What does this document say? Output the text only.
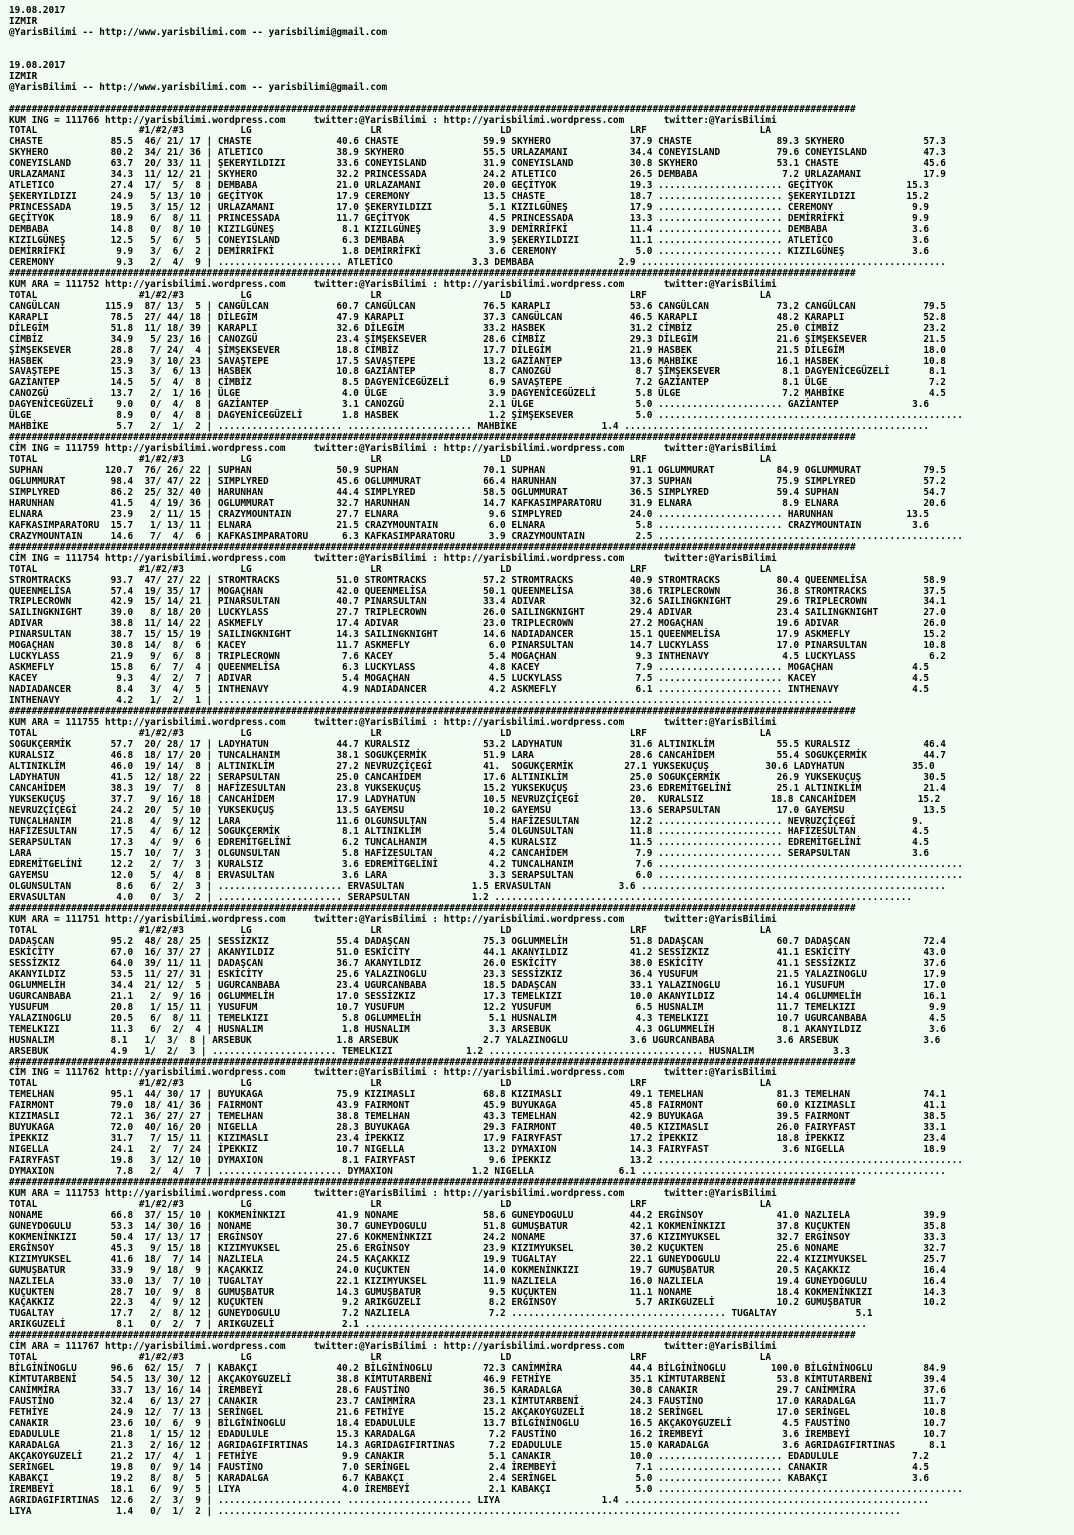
19.08.2017
IZMIR
@YarisBilimi -- http://www.yarisbilimi.com -- yarisbilimi@gmail.com

19.08.2017
IZMIR
@YarisBilimi -- http://www.yarisbilimi.com -- yarisbilimi@gmail.com

######################################################################################################################################################
KUM ING = 111766 http://yarisbilimi.wordpress.com     twitter:@YarisBilimi : http://yarisbilimi.wordpress.com       twitter:@YarisBilimi
TOTAL                  #1/#2/#3          LG                     LR                     LD                     LRF                    LA
CHASTE            85.5  46/ 21/ 17 | CHASTE               40.6 CHASTE               59.9 SKYHERO              37.9 CHASTE               89.3 SKYHERO              57.3
SKYHERO           80.2  34/ 21/ 36 | ATLETICO             38.9 SKYHERO              55.5 URLAZAMANI           34.4 CONEYISLAND          79.6 CONEYISLAND          47.3
CONEYISLAND       63.7  20/ 33/ 11 | ŞEKERYILDIZI         33.6 CONEYISLAND          31.9 CONEYISLAND          30.8 SKYHERO              53.1 CHASTE               45.6
URLAZAMANI        34.3  11/ 12/ 21 | SKYHERO              32.2 PRINCESSADA          24.2 ATLETICO             26.5 DEMBABA               7.2 URLAZAMANI           17.9
ATLETICO          27.4  17/  5/  8 | DEMBABA              21.0 URLAZAMANI           20.0 GEÇİTYOK             19.3 ...................... GEÇİTYOK             15.3
ŞEKERYILDIZI      24.9   5/ 13/ 10 | GEÇİTYOK             17.9 CEREMONY             13.5 CHASTE               18.7 ...................... ŞEKERYILDIZI         15.2
PRINCESSADA       19.5   3/ 15/ 12 | URLAZAMANI           17.0 ŞEKERYILDIZI          5.1 KIZILGÜNEŞ           17.9 ...................... CEREMONY              9.9
GEÇİTYOK          18.9   6/  8/ 11 | PRINCESSADA          11.7 GEÇİTYOK              4.5 PRINCESSADA          13.3 ...................... DEMİRRİFKİ            9.9
DEMBABA           14.8   0/  8/ 10 | KIZILGÜNEŞ            8.1 KIZILGÜNEŞ            3.9 DEMİRRİFKİ           11.4 ...................... DEMBABA               3.6
KIZILGÜNEŞ        12.5   5/  6/  5 | CONEYISLAND           6.3 DEMBABA               3.9 ŞEKERYILDIZI         11.1 ...................... ATLETİCO              3.6
DEMİRRİFKİ         9.9   3/  6/  2 | DEMİRRİFKİ            1.8 DEMİRRİFKİ            3.6 CEREMONY              5.0 ...................... KIZILGÜNEŞ            3.6
CEREMONY           9.3   2/  4/  9 | ...................... ATLETİCO              3.3 DEMBABA               2.9 ......................................................
######################################################################################################################################################
KUM ARA = 111752 http://yarisbilimi.wordpress.com     twitter:@YarisBilimi : http://yarisbilimi.wordpress.com       twitter:@YarisBilimi
TOTAL                  #1/#2/#3          LG                     LR                     LD                     LRF                    LA
CANGÜLCAN        115.9  87/ 13/  5 | CANGÜLCAN            60.7 CANGÜLCAN            76.5 KARAPLI              53.6 CANGÜLCAN            73.2 CANGÜLCAN            79.5
KARAPLI           78.5  27/ 44/ 18 | DİLEGİM              47.9 KARAPLI              37.3 CANGÜLCAN            46.5 KARAPLI              48.2 KARAPLI              52.8
DİLEGİM           51.8  11/ 18/ 39 | KARAPLI              32.6 DİLEGİM              33.2 HASBEK               31.2 CİMBİZ               25.0 CİMBİZ               23.2
CİMBİZ            34.9   5/ 23/ 16 | CANOZGÜ              23.4 ŞİMŞEKSEVER          28.6 CİMBİZ               29.3 DİLEGİM              21.6 ŞİMŞEKSEVER          21.5
ŞİMŞEKSEVER       28.8   7/ 24/  4 | ŞİMŞEKSEVER          18.8 CİMBİZ               17.7 DİLEGİM              21.9 HASBEK               21.5 DİLEGİM              18.0
HASBEK            23.9   3/ 10/ 23 | SAVAŞTEPE            17.5 SAVAŞTEPE            13.2 GAZİANTEP            13.6 MAHBİKE              16.1 HASBEK               10.8
SAVAŞTEPE         15.3   3/  6/ 13 | HASBEK               10.8 GAZİANTEP             8.7 CANOZGÜ               8.7 ŞİMŞEKSEVER           8.1 DAGYENİCEGÜZELİ       8.1
GAZİANTEP         14.5   5/  4/  8 | CİMBİZ                8.5 DAGYENİCEGÜZELİ       6.9 SAVAŞTEPE             7.2 GAZİANTEP             8.1 ÜLGE                  7.2
CANOZGÜ           13.7   2/  1/ 16 | ÜLGE                  4.0 ÜLGE                  3.9 DAGYENİCEGÜZELİ       5.8 ÜLGE                  7.2 MAHBİKE               4.5
DAGYENİCEGÜZELİ    9.0   0/  4/  8 | GAZİANTEP             3.1 CANOZGÜ               2.1 ÜLGE                  5.0 ...................... GAZİANTEP             3.6
ÜLGE               8.9   0/  4/  8 | DAGYENİCEGÜZELİ       1.8 HASBEK                1.2 ŞİMŞEKSEVER           5.0 ......................................................
MAHBİKE            5.7   2/  1/  2 | ...................... ...................... MAHBİKE               1.4 ......................................................
######################################################################################################################################################
CİM ING = 111759 http://yarisbilimi.wordpress.com     twitter:@YarisBilimi : http://yarisbilimi.wordpress.com       twitter:@YarisBilimi
TOTAL                  #1/#2/#3          LG                     LR                     LD                     LRF                    LA
SUPHAN           120.7  76/ 26/ 22 | SUPHAN               50.9 SUPHAN               70.1 SUPHAN               91.1 OGLUMMURAT           84.9 OGLUMMURAT           79.5
OGLUMMURAT        98.4  37/ 47/ 22 | SIMPLYRED            45.6 OGLUMMURAT           66.4 HARUNHAN             37.3 SUPHAN               75.9 SIMPLYRED            57.2
SIMPLYRED         86.2  25/ 32/ 40 | HARUNHAN             44.4 SIMPLYRED            58.5 OGLUMMURAT           36.5 SIMPLYRED            59.4 SUPHAN               54.7
HARUNHAN          41.5   4/ 19/ 36 | OGLUMMURAT           32.7 HARUNHAN             14.7 KAFKASIMPARATORU     31.9 ELNARA                8.9 ELNARA               20.6
ELNARA            23.9   2/ 11/ 15 | CRAZYMOUNTAIN        27.7 ELNARA                9.6 SIMPLYRED            24.0 ...................... HARUNHAN             13.5
KAFKASIMPARATORU  15.7   1/ 13/ 11 | ELNARA               21.5 CRAZYMOUNTAIN         6.0 ELNARA                5.8 ...................... CRAZYMOUNTAIN         3.6
CRAZYMOUNTAIN     14.6   7/  4/  6 | KAFKASIMPARATORU      6.3 KAFKASIMPARATORU      3.9 CRAZYMOUNTAIN         2.5 ......................................................
######################################################################################################################################################
CİM ING = 111754 http://yarisbilimi.wordpress.com     twitter:@YarisBilimi : http://yarisbilimi.wordpress.com       twitter:@YarisBilimi
TOTAL                  #1/#2/#3          LG                     LR                     LD                     LRF                    LA
STROMTRACKS       93.7  47/ 27/ 22 | STROMTRACKS          51.0 STROMTRACKS          57.2 STROMTRACKS          40.9 STROMTRACKS          80.4 QUEENMELİSA          58.9
QUEENMELİSA       57.4  19/ 35/ 17 | MOGAÇHAN             42.0 QUEENMELİSA          50.1 QUEENMELİSA          38.6 TRIPLECROWN          36.8 STROMTRACKS          37.5
TRIPLECROWN       42.9  15/ 14/ 21 | PINARSULTAN          40.7 PINARSULTAN          33.4 ADIVAR               32.6 SAILINGKNIGHT        29.6 TRIPLECROWN          34.1
SAILINGKNIGHT     39.0   8/ 18/ 20 | LUCKYLASS            27.7 TRIPLECROWN          26.0 SAILINGKNIGHT        29.4 ADIVAR               23.4 SAILINGKNIGHT        27.0
ADIVAR            38.8  11/ 14/ 22 | ASKMEFLY             17.4 ADIVAR               23.0 TRIPLECROWN          27.2 MOGAÇHAN             19.6 ADIVAR               26.0
PINARSULTAN       38.7  15/ 15/ 19 | SAILINGKNIGHT        14.3 SAILINGKNIGHT        14.6 NADIADANCER          15.1 QUEENMELİSA          17.9 ASKMEFLY             15.2
MOGAÇHAN          30.8  14/  8/  6 | KACEY                11.7 ASKMEFLY              6.0 PINARSULTAN          14.7 LUCKYLASS            17.0 PINARSULTAN          10.8
LUCKYLASS         21.9   9/  6/  8 | TRIPLECROWN           7.6 KACEY                 5.4 MOGAÇHAN              9.3 INTHENAVY             4.5 LUCKYLASS             6.2
ASKMEFLY          15.8   6/  7/  4 | QUEENMELİSA           6.3 LUCKYLASS             4.8 KACEY                 7.9 ...................... MOGAÇHAN              4.5
KACEY              9.3   4/  2/  7 | ADIVAR                5.4 MOGAÇHAN              4.5 LUCKYLASS             7.5 ...................... KACEY                 4.5
NADIADANCER        8.4   3/  4/  5 | INTHENAVY             4.9 NADIADANCER           4.2 ASKMEFLY              6.1 ...................... INTHENAVY             4.5
INTHENAVY          4.2   1/  2/  1 | .............................................................................................................
######################################################################################################################################################
KUM ARA = 111755 http://yarisbilimi.wordpress.com     twitter:@YarisBilimi : http://yarisbilimi.wordpress.com       twitter:@YarisBilimi
TOTAL                  #1/#2/#3          LG                     LR                     LD                     LRF                    LA
SOGUKÇERMİK       57.7  20/ 28/ 17 | LADYHATUN            44.7 KURALSIZ             53.2 LADYHATUN            31.6 ALTINIKLİM           55.5 KURALSIZ             46.4
KURALSIZ          46.8  18/ 17/ 20 | TUNCALHANIM          38.1 SOGUKÇERMİK          51.9 LARA                 28.6 CANCAHİDEM           55.4 SOGUKÇERMİK          44.7
ALTINIKLİM        46.0  19/ 14/  8 | ALTINIKLİM           27.2 NEVRUZÇİÇEGİ         41.  SOGUKÇERMİK         27.1 YUKSEKUÇUŞ          30.6 LADYHATUN            35.0
LADYHATUN         41.5  12/ 18/ 22 | SERAPSULTAN          25.0 CANCAHİDEM           17.6 ALTINIKLİM           25.0 SOGUKÇERMİK          26.9 YUKSEKUÇUŞ           30.5
CANCAHİDEM        38.3  19/  7/  8 | HAFİZESULTAN         23.8 YUKSEKUÇUŞ           15.2 YUKSEKUÇUŞ           23.6 EDREMİTGELİNİ        25.1 ALTINIKLİM           21.4
YUKSEKUÇUŞ        37.7   9/ 16/ 18 | CANCAHİDEM           17.9 LADYHATUN            10.5 NEVRUZÇİÇEGİ         20.  KURALSIZ            18.8 CANCAHİDEM           15.2
NEVRUZÇİÇEGİ      24.2  20/  5/ 10 | YUKSEKUÇUŞ           13.5 GAYEMSU              10.2 GAYEMSU              13.6 SERAPSULTAN          17.0 GAYEMSU              13.5
TUNCALHANIM       21.8   4/  9/ 12 | LARA                 11.6 OLGUNSULTAN           5.4 HAFİZESULTAN         12.2 ...................... NEVRUZÇİÇEGİ          9.
HAFİZESULTAN      17.5   4/  6/ 12 | SOGUKÇERMİK           8.1 ALTINIKLİM            5.4 OLGUNSULTAN          11.8 ...................... HAFİZESULTAN          4.5
SERAPSULTAN       17.3   4/  9/  6 | EDREMİTGELİNİ         6.2 TUNCALHANIM           4.5 KURALSIZ             11.5 ...................... EDREMİTGELİNİ         4.5
LARA              15.7  10/  7/  3 | OLGUNSULTAN           5.8 HAFİZESULTAN          4.2 CANCAHİDEM            7.9 ...................... SERAPSULTAN           3.6
EDREMİTGELİNİ     12.2   2/  7/  3 | KURALSIZ              3.6 EDREMİTGELİNİ         4.2 TUNCALHANIM           7.6 ......................................................
GAYEMSU           12.0   5/  4/  8 | ERVASULTAN            3.6 LARA                  3.3 SERAPSULTAN           6.0 ......................................................
OLGUNSULTAN        8.6   6/  2/  3 | ...................... ERVASULTAN            1.5 ERVASULTAN            3.6 ......................................................
ERVASULTAN         4.0   0/  3/  2 | ...................... SERAPSULTAN           1.2 ..........................................................................
######################################################################################################################################################
KUM ARA = 111751 http://yarisbilimi.wordpress.com     twitter:@YarisBilimi : http://yarisbilimi.wordpress.com       twitter:@YarisBilimi
TOTAL                  #1/#2/#3          LG                     LR                     LD                     LRF                    LA
DADAŞCAN          95.2  48/ 28/ 25 | SESSİZKIZ            55.4 DADAŞCAN             75.3 OGLUMMELİH           51.8 DADAŞCAN             60.7 DADAŞCAN             72.4
ESKİCİTY          67.0  16/ 37/ 27 | AKANYILDIZ           51.0 ESKİCİTY             44.1 AKANYILDIZ           41.2 SESSİZKIZ            41.1 ESKİCİTY             43.0
SESSİZKIZ         64.0  39/ 11/ 11 | DADAŞCAN             36.7 AKANYILDIZ           26.0 ESKİCİTY             38.0 ESKİCİTY             41.1 SESSİZKIZ            37.6
AKANYILDIZ        53.5  11/ 27/ 31 | ESKİCİTY             25.6 YALAZINOGLU          23.3 SESSİZKIZ            36.4 YUSUFUM              21.5 YALAZINOGLU          17.9
OGLUMMELİH        34.4  21/ 12/  5 | UGURCANBABA          23.4 UGURCANBABA          18.5 DADAŞCAN             33.1 YALAZINOGLU          16.1 YUSUFUM              17.0
UGURCANBABA       21.1   2/  9/ 16 | OGLUMMELİH           17.0 SESSİZKIZ            17.3 TEMELKIZI            10.0 AKANYILDIZ           14.4 OGLUMMELİH           16.1
YUSUFUM           20.8   1/ 15/ 11 | YUSUFUM              10.7 YUSUFUM              12.2 YUSUFUM               6.5 HUSNALIM             11.7 TEMELKIZI             9.9
YALAZINOGLU       20.5   6/  8/ 11 | TEMELKIZI             5.8 OGLUMMELİH            5.1 HUSNALIM              4.3 TEMELKIZI            10.7 UGURCANBABA           4.5
TEMELKIZI         11.3   6/  2/  4 | HUSNALIM              1.8 HUSNALIM              3.3 ARSEBUK               4.3 OGLUMMELİH            8.1 AKANYILDIZ            3.6
HUSNALIM          8.1   1/  3/  8 | ARSEBUK               1.8 ARSEBUK               2.7 YALAZINOGLU           3.6 UGURCANBABA           3.6 ARSEBUK               3.6
ARSEBUK           4.9   1/  2/  3 | ...................... TEMELKIZI             1.2 ...................................... HUSNALIM              3.3
######################################################################################################################################################
CİM ING = 111762 http://yarisbilimi.wordpress.com     twitter:@YarisBilimi : http://yarisbilimi.wordpress.com       twitter:@YarisBilimi
TOTAL                  #1/#2/#3          LG                     LR                     LD                     LRF                    LA
TEMELHAN          95.1  44/ 30/ 17 | BUYUKAGA             75.9 KIZIMASLI            68.8 KIZIMASLI            49.1 TEMELHAN             81.3 TEMELHAN             74.1
FAIRMONT          79.0  18/ 41/ 36 | FAIRMONT             43.9 FAIRMONT             45.9 BUYUKAGA             45.8 FAIRMONT             60.0 KIZIMASLI            41.1
KIZIMASLI         72.1  36/ 27/ 27 | TEMELHAN             38.8 TEMELHAN             43.3 TEMELHAN             42.9 BUYUKAGA             39.5 FAIRMONT             38.5
BUYUKAGA          72.0  40/ 16/ 20 | NIGELLA              28.3 BUYUKAGA             29.3 FAIRMONT             40.5 KIZIMASLI            26.0 FAIRYFAST            33.1
İPEKKIZ           31.7   7/ 15/ 11 | KIZIMASLI            23.4 İPEKKIZ              17.9 FAIRYFAST            17.2 İPEKKIZ              18.8 İPEKKIZ              23.4
NIGELLA           24.1   2/  7/ 24 | İPEKKIZ              10.7 NIGELLA              13.2 DYMAXION             14.3 FAIRYFAST             3.6 NIGELLA              18.9
FAIRYFAST         19.8   3/ 12/ 10 | DYMAXION              8.1 FAIRYFAST             9.6 İPEKKIZ              13.2 ......................................................
DYMAXION           7.8   2/  4/  7 | ...................... DYMAXION              1.2 NIGELLA               6.1 ......................................................
######################################################################################################################################################
KUM ARA = 111753 http://yarisbilimi.wordpress.com     twitter:@YarisBilimi : http://yarisbilimi.wordpress.com       twitter:@YarisBilimi
TOTAL                  #1/#2/#3          LG                     LR                     LD                     LRF                    LA
NONAME            66.8  37/ 15/ 10 | KOKMENİNKIZI         41.9 NONAME               58.6 GUNEYDOGULU          44.2 ERGİNSOY             41.0 NAZLIELA             39.9
GUNEYDOGULU       53.3  14/ 30/ 16 | NONAME               30.7 GUNEYDOGULU          51.8 GUMUŞBATUR           42.1 KOKMENİNKIZI         37.8 KUÇUKTEN             35.8
KOKMENİNKIZI      50.4  17/ 13/ 17 | ERGİNSOY             27.6 KOKMENİNKIZI         24.2 NONAME               37.6 KIZIMYUKSEL          32.7 ERGİNSOY             33.3
ERGİNSOY          45.3   9/ 15/ 18 | KIZIMYUKSEL          25.6 ERGİNSOY             23.9 KIZIMYUKSEL          30.2 KUÇUKTEN             25.6 NONAME               32.7
KIZIMYUKSEL       41.6  18/  7/ 14 | NAZLIELA             24.5 KAÇAKKIZ             19.9 TUGALTAY             22.1 GUNEYDOGULU          22.4 KIZIMYUKSEL          25.7
GUMUŞBATUR        33.9   9/ 18/  9 | KAÇAKKIZ             24.0 KUÇUKTEN             14.0 KOKMENİNKIZI         19.7 GUMUŞBATUR           20.5 KAÇAKKIZ             16.4
NAZLIELA          33.0  13/  7/ 10 | TUGALTAY             22.1 KIZIMYUKSEL          11.9 NAZLIELA             16.0 NAZLIELA             19.4 GUNEYDOGULU          16.4
KUÇUKTEN          28.7  10/  9/  8 | GUMUŞBATUR           14.3 GUMUŞBATUR            9.5 KUÇUKTEN             11.1 NONAME               18.4 KOKMENİNKIZI         14.3
KAÇAKKIZ          22.3   4/  9/ 12 | KUÇUKTEN              9.2 ARIKGUZELİ            8.2 ERGİNSOY              5.7 ARIKGUZELİ           10.2 GUMUŞBATUR           10.2
TUGALTAY          17.7   2/  8/ 12 | GUNEYDOGULU           7.2 NAZLIELA              7.2 ...................................... TUGALTAY              5.1
ARIKGUZELİ         8.1   0/  2/  7 | ARIKGUZELİ            2.1 .........................................................................................
######################################################################################################################################################
CİM ARA = 111767 http://yarisbilimi.wordpress.com     twitter:@YarisBilimi : http://yarisbilimi.wordpress.com       twitter:@YarisBilimi
TOTAL                  #1/#2/#3          LG                     LR                     LD                     LRF                    LA
BİLGİNİNOGLU      96.6  62/ 15/  7 | KABAKÇI              40.2 BİLGİNİNOGLU         72.3 CANİMMİRA            44.4 BİLGİNİNOGLU        100.0 BİLGİNİNOGLU         84.9
KİMTUTARBENİ      54.5  13/ 30/ 12 | AKÇAKOYGUZELİ        38.8 KİMTUTARBENİ         46.9 FETHİYE              35.1 KİMTUTARBENİ         53.8 KİMTUTARBENİ         39.4
CANİMMİRA         33.7  13/ 16/ 14 | İREMBEYİ             28.6 FAUSTİNO             36.5 KARADALGA            30.8 CANAKIR              29.7 CANİMMİRA            37.6
FAUSTİNO          32.4   6/ 13/ 27 | CANAKIR              23.7 CANİMMİRA            23.1 KİMTUTARBENİ         24.3 FAUSTİNO             17.0 KARADALGA            11.7
FETHİYE           24.9  12/  7/ 13 | SERİNGEL             21.6 FETHİYE              15.2 AKÇAKOYGUZELİ        18.2 SERİNGEL             17.0 SERİNGEL             10.8
CANAKIR           23.6  10/  6/  9 | BİLGİNİNOGLU         18.4 EDADULULE            13.7 BİLGİNİNOGLU         16.5 AKÇAKOYGUZELİ         4.5 FAUSTİNO             10.7
EDADULULE         21.8   1/ 15/ 12 | EDADULULE            15.3 KARADALGA             7.2 FAUSTİNO             16.2 İREMBEYİ              3.6 İREMBEYİ             10.7
KARADALGA         21.3   2/ 16/ 12 | AGRIDAGIFIRTINAS     14.3 AGRIDAGIFIRTINAS      7.2 EDADULULE            15.0 KARADALGA             3.6 AGRIDAGIFIRTINAS      8.1
AKÇAKOYGUZELİ     21.2  17/  4/  1 | FETHİYE               9.9 CANAKIR               5.1 CANAKIR              10.0 ...................... EDADULULE             7.2
SERİNGEL          19.8   0/  9/ 14 | FAUSTİNO              7.0 SERİNGEL              2.4 İREMBEYİ              7.1 ...................... CANAKIR               4.5
KABAKÇI           19.2   8/  8/  5 | KARADALGA             6.7 KABAKÇI               2.4 SERİNGEL              5.0 ...................... KABAKÇI               3.6
İREMBEYİ          18.1   6/  9/  5 | LIYA                  4.0 İREMBEYİ              2.1 KABAKÇI               5.0 ......................................................
AGRIDAGIFIRTINAS  12.6   2/  3/  9 | ...................... ...................... LIYA                  1.4 ......................................................
LIYA               1.4   0/  1/  2 | .........................................................................................................................
